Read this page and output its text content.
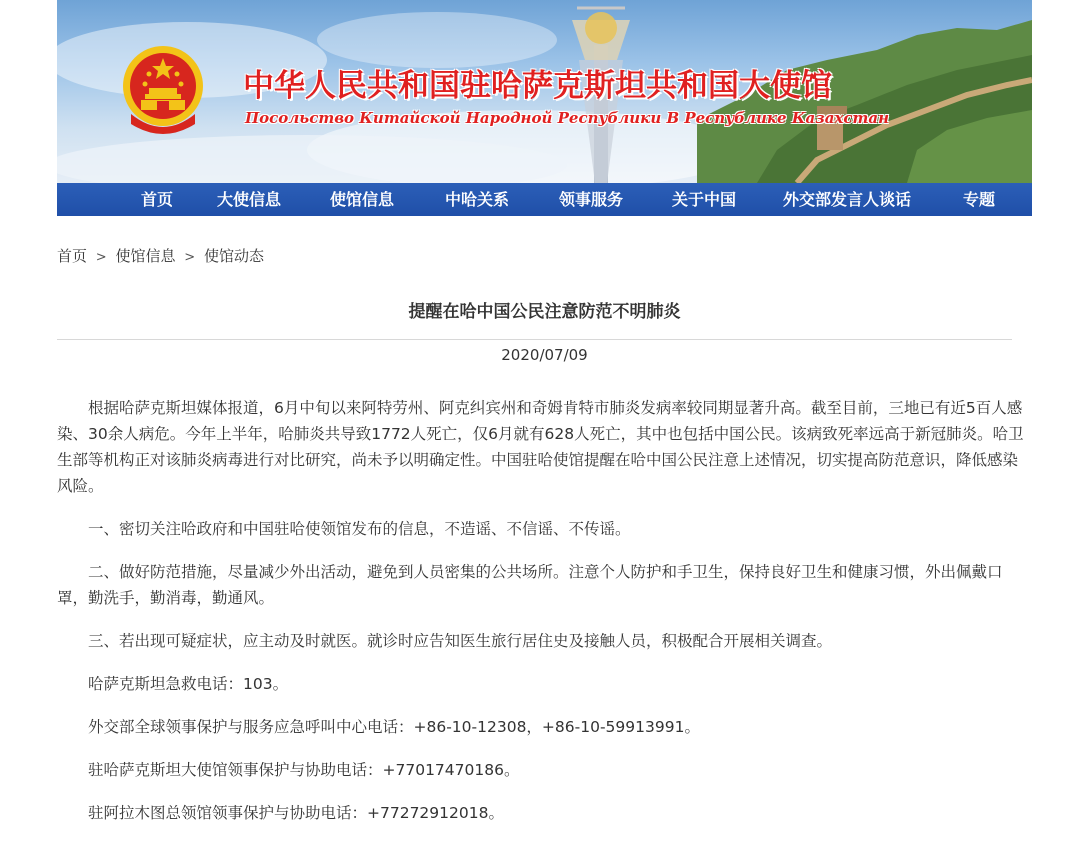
中华人民共和国驻哈萨克斯坦共和国大使馆
Посольство Китайской Народной Республики В Республике Казахстан
首页	大使信息	使馆信息	中哈关系	领事服务	关于中国	外交部发言人谈话	专题
首页 > 使馆信息 > 使馆动态
提醒在哈中国公民注意防范不明肺炎
2020/07/09

根据哈萨克斯坦媒体报道，6月中旬以来阿特劳州、阿克纠宾州和奇姆肯特市肺炎发病率较同期显著升高。截至目前，三地已有近5百人感染、30余人病危。今年上半年，哈肺炎共导致1772人死亡，仅6月就有628人死亡，其中也包括中国公民。该病致死率远高于新冠肺炎。哈卫生部等机构正对该肺炎病毒进行对比研究，尚未予以明确定性。中国驻哈使馆提醒在哈中国公民注意上述情况，切实提高防范意识，降低感染风险。

一、密切关注哈政府和中国驻哈使领馆发布的信息，不造谣、不信谣、不传谣。

二、做好防范措施，尽量减少外出活动，避免到人员密集的公共场所。注意个人防护和手卫生，保持良好卫生和健康习惯，外出佩戴口罩，勤洗手，勤消毒，勤通风。

三、若出现可疑症状，应主动及时就医。就诊时应告知医生旅行居住史及接触人员，积极配合开展相关调查。

哈萨克斯坦急救电话：103。

外交部全球领事保护与服务应急呼叫中心电话：+86-10-12308，+86-10-59913991。

驻哈萨克斯坦大使馆领事保护与协助电话：+77017470186。

驻阿拉木图总领馆领事保护与协助电话：+77272912018。
